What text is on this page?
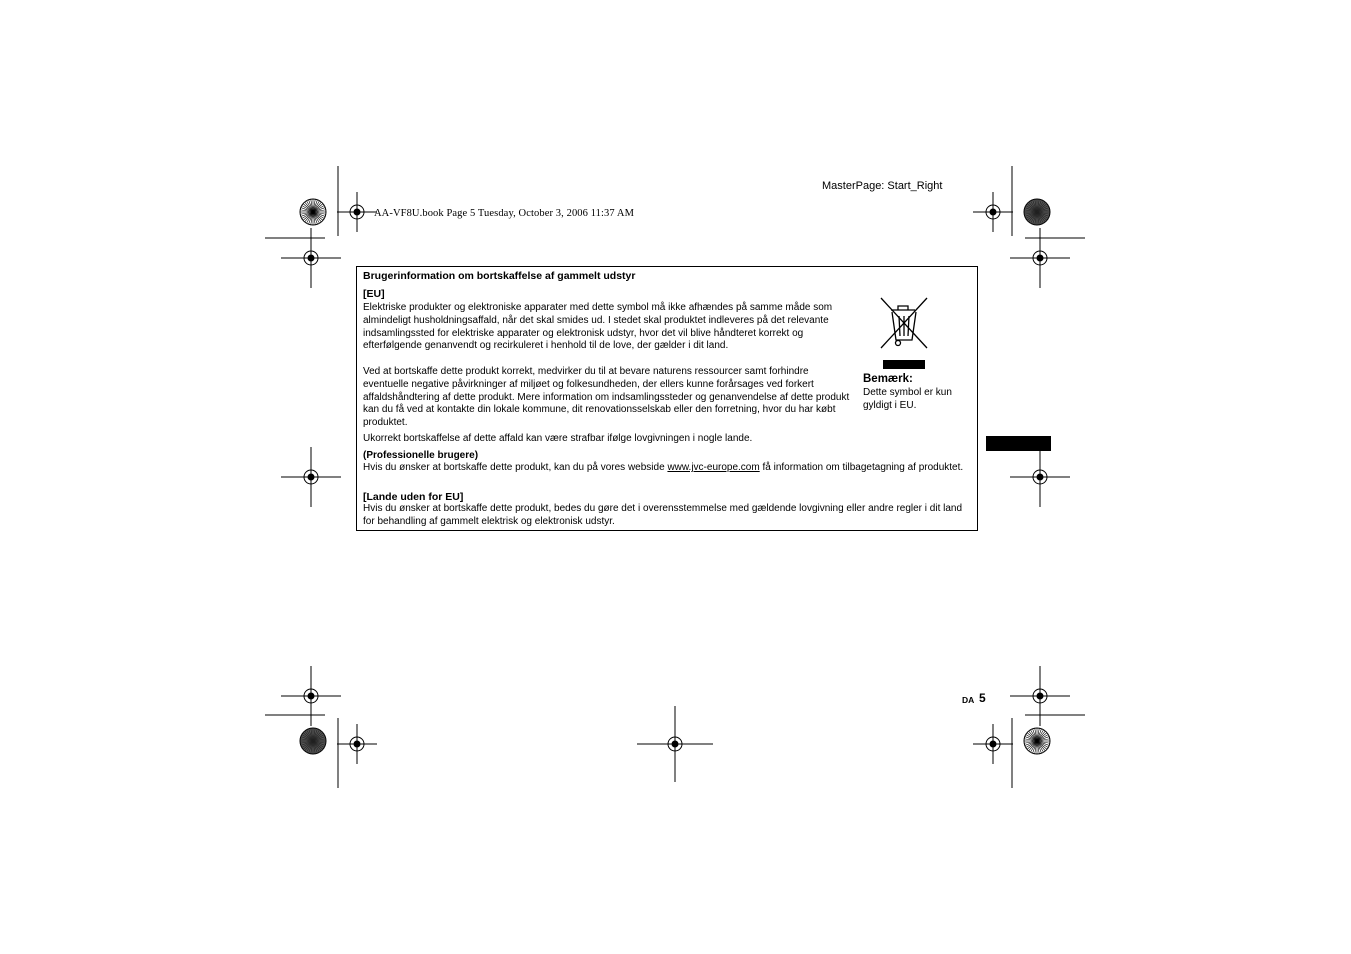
MasterPage: Start_Right
AA-VF8U.book Page 5 Tuesday, October 3, 2006 11:37 AM
Brugerinformation om bortskaffelse af gammelt udstyr
[EU]
Elektriske produkter og elektroniske apparater med dette symbol må ikke afhændes på samme måde som almindeligt husholdningsaffald, når det skal smides ud. I stedet skal produktet indleveres på det relevante indsamlingssted for elektriske apparater og elektronisk udstyr, hvor det vil blive håndteret korrekt og efterfølgende genanvendt og recirkuleret i henhold til de love, der gælder i dit land.
Ved at bortskaffe dette produkt korrekt, medvirker du til at bevare naturens ressourcer samt forhindre eventuelle negative påvirkninger af miljøet og folkesundheden, der ellers kunne forårsages ved forkert affaldshåndtering af dette produkt. Mere information om indsamlingssteder og genanvendelse af dette produkt kan du få ved at kontakte din lokale kommune, dit renovationsselskab eller den forretning, hvor du har købt produktet.
Ukorrekt bortskaffelse af dette affald kan være strafbar ifølge lovgivningen i nogle lande.
(Professionelle brugere)
Hvis du ønsker at bortskaffe dette produkt, kan du på vores webside www.jvc-europe.com få information om tilbagetagning af produktet.
[Lande uden for EU]
Hvis du ønsker at bortskaffe dette produkt, bedes du gøre det i overensstemmelse med gældende lovgivning eller andre regler i dit land for behandling af gammelt elektrisk og elektronisk udstyr.
Bemærk:
Dette symbol er kun gyldigt i EU.
DA 5
